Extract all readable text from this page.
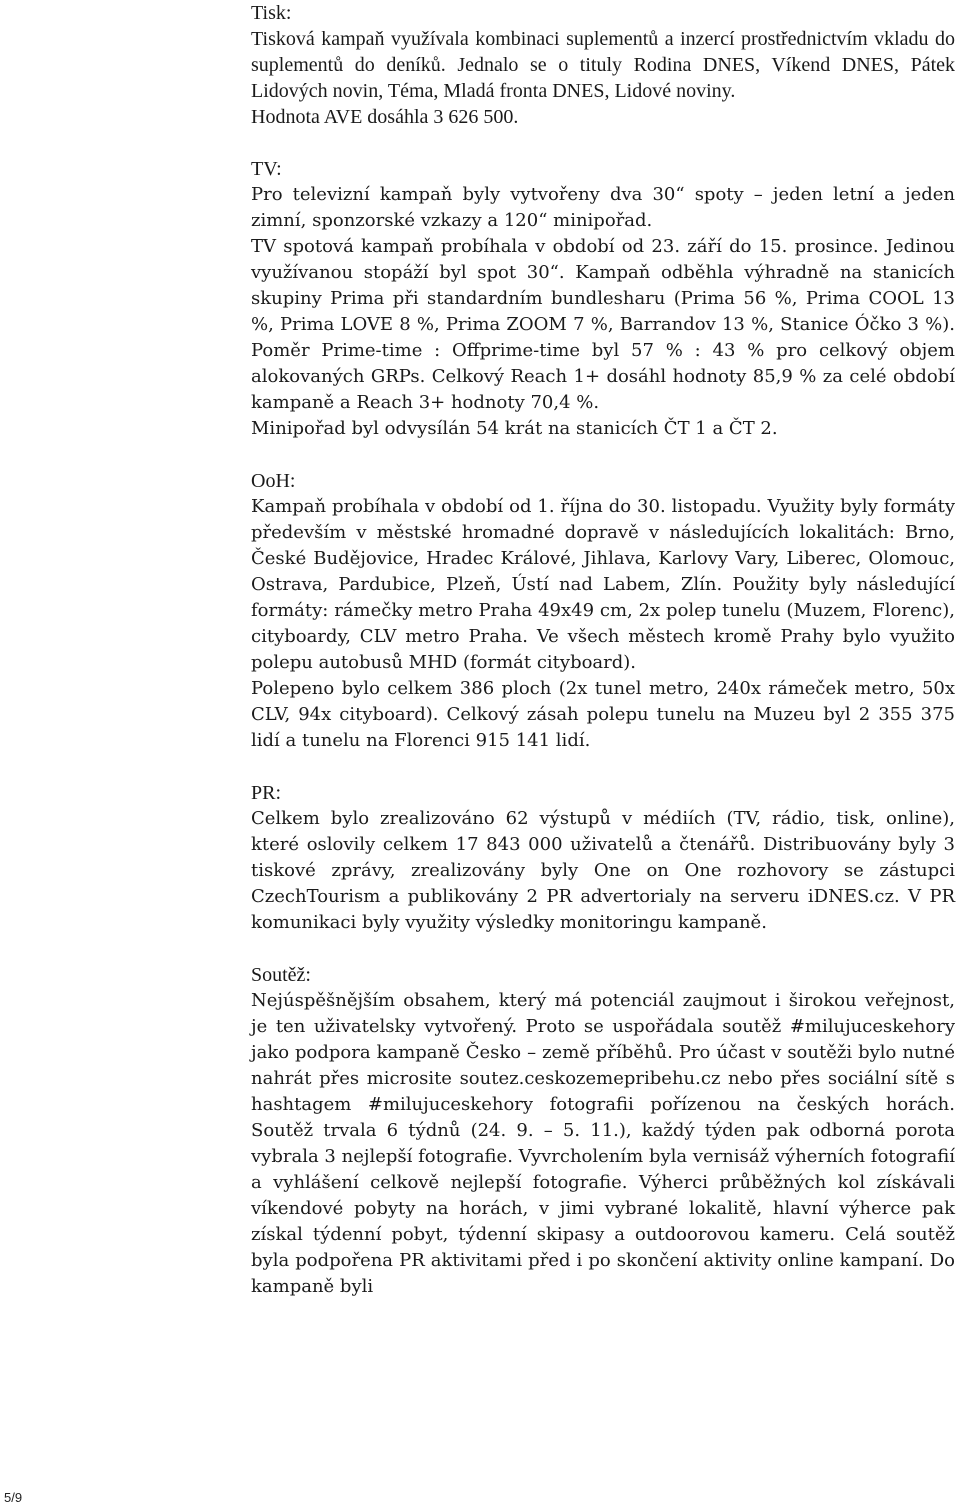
Tisk:

Tisková kampaň využívala kombinaci suplementů a inzercí prostřednictvím vkladu do suplementů do deníků. Jednalo se o tituly Rodina DNES, Víkend DNES, Pátek Lidových novin, Téma, Mladá fronta DNES, Lidové noviny.

Hodnota AVE dosáhla 3 626 500.

TV:

Pro televizní kampaň byly vytvořeny dva 30“ spoty – jeden letní a jeden zimní, sponzorské vzkazy a 120“ minipořad.

TV spotová kampaň probíhala v období od 23. září do 15. prosince. Jedinou využívanou stopáží byl spot 30“. Kampaň odběhla výhradně na stanicích skupiny Prima při standardním bundlesharu (Prima 56 %, Prima COOL 13 %, Prima LOVE 8 %, Prima ZOOM 7 %, Barrandov 13 %, Stanice Óčko 3 %). Poměr Prime-time : Offprime-time byl 57 % : 43 % pro celkový objem alokovaných GRPs. Celkový Reach 1+ dosáhl hodnoty 85,9 % za celé období kampaně a Reach 3+ hodnoty 70,4 %.

Minipořad byl odvysílán 54 krát na stanicích ČT 1 a ČT 2.

OoH:

Kampaň probíhala v období od 1. října do 30. listopadu. Využity byly formáty především v městské hromadné dopravě v následujících lokalitách: Brno, České Budějovice, Hradec Králové, Jihlava, Karlovy Vary, Liberec, Olomouc, Ostrava, Pardubice, Plzeň, Ústí nad Labem, Zlín. Použity byly následující formáty: rámečky metro Praha 49x49 cm, 2x polep tunelu (Muzem, Florenc), cityboardy, CLV metro Praha. Ve všech městech kromě Prahy bylo využito polepu autobusů MHD (formát cityboard).

Polepeno bylo celkem 386 ploch (2x tunel metro, 240x rámeček metro, 50x CLV, 94x cityboard). Celkový zásah polepu tunelu na Muzeu byl 2 355 375 lidí a tunelu na Florenci 915 141 lidí.

PR:

Celkem bylo zrealizováno 62 výstupů v médiích (TV, rádio, tisk, online), které oslovily celkem 17 843 000 uživatelů a čtenářů. Distribuovány byly 3 tiskové zprávy, zrealizovány byly One on One rozhovory se zástupci CzechTourism a publikovány 2 PR advertorialy na serveru iDNES.cz. V PR komunikaci byly využity výsledky monitoringu kampaně.

Soutěž:

Nejúspěšnějším obsahem, který má potenciál zaujmout i širokou veřejnost, je ten uživatelsky vytvořený. Proto se uspořádala soutěž #milujuceskehory jako podpora kampaně Česko – země příběhů. Pro účast v soutěži bylo nutné nahrát přes microsite soutez.ceskozemepribehu.cz nebo přes sociální sítě s hashtagem #milujuceskehory fotografii pořízenou na českých horách. Soutěž trvala 6 týdnů (24. 9. – 5. 11.), každý týden pak odborná porota vybrala 3 nejlepší fotografie. Vyvrcholením byla vernisáž výherních fotografií a vyhlášení celkově nejlepší fotografie. Výherci průběžných kol získávali víkendové pobyty na horách, v jimi vybrané lokalitě, hlavní výherce pak získal týdenní pobyt, týdenní skipasy a outdoorovou kameru. Celá soutěž byla podpořena PR aktivitami před i po skončení aktivity online kampaní. Do kampaně byli

5/9
